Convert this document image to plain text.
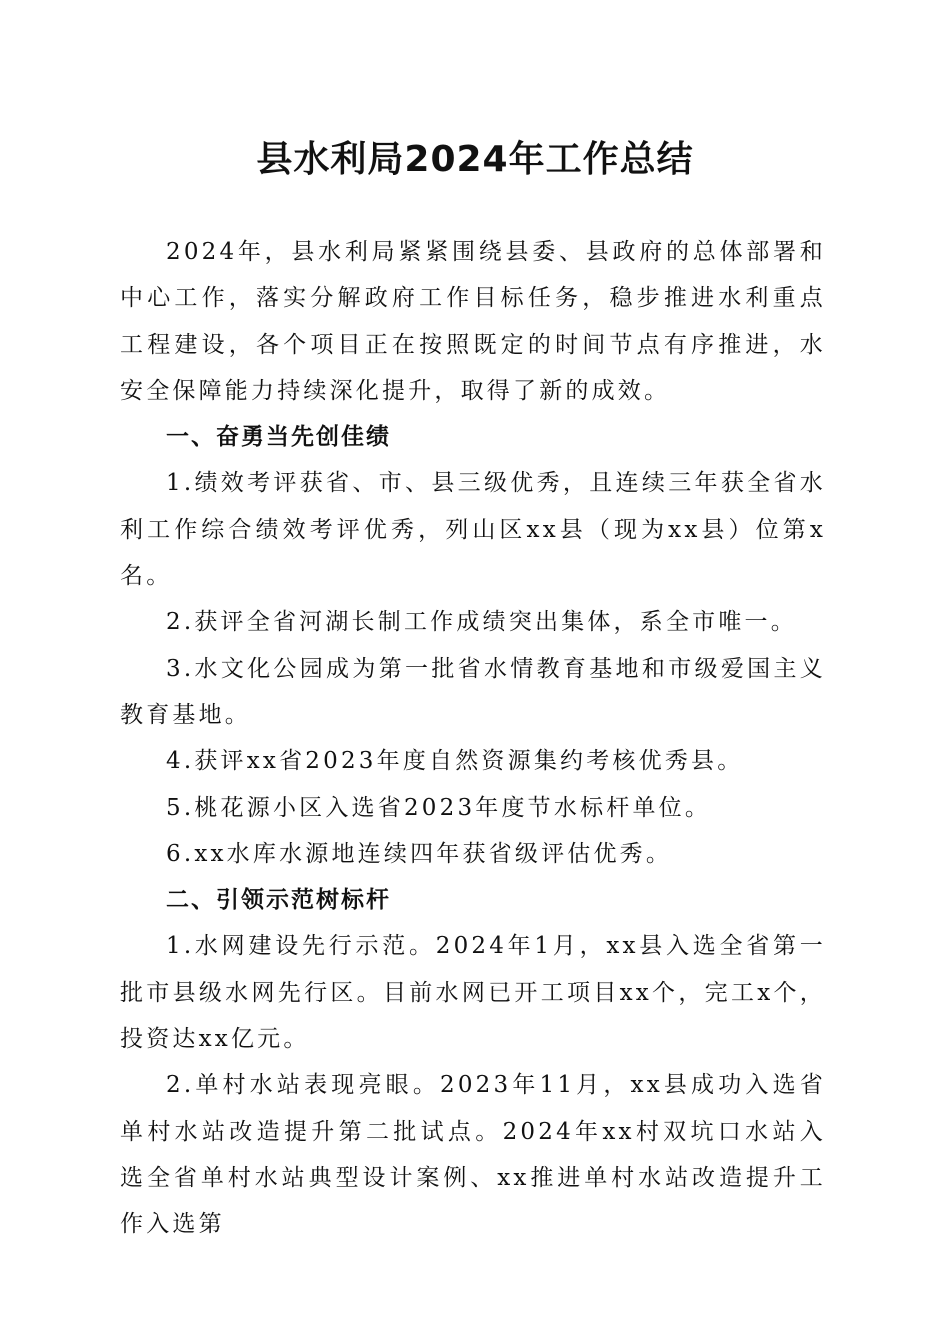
县水利局2024年工作总结

2024年，县水利局紧紧围绕县委、县政府的总体部署和中心工作，落实分解政府工作目标任务，稳步推进水利重点工程建设，各个项目正在按照既定的时间节点有序推进，水安全保障能力持续深化提升，取得了新的成效。

一、奋勇当先创佳绩

1.绩效考评获省、市、县三级优秀，且连续三年获全省水利工作综合绩效考评优秀，列山区xx县（现为xx县）位第x名。

2.获评全省河湖长制工作成绩突出集体，系全市唯一。

3.水文化公园成为第一批省水情教育基地和市级爱国主义教育基地。

4.获评xx省2023年度自然资源集约考核优秀县。

5.桃花源小区入选省2023年度节水标杆单位。

6.xx水库水源地连续四年获省级评估优秀。

二、引领示范树标杆

1.水网建设先行示范。2024年1月，xx县入选全省第一批市县级水网先行区。目前水网已开工项目xx个，完工x个，投资达xx亿元。

2.单村水站表现亮眼。2023年11月，xx县成功入选省单村水站改造提升第二批试点。2024年xx村双坑口水站入选全省单村水站典型设计案例、xx推进单村水站改造提升工作入选第
